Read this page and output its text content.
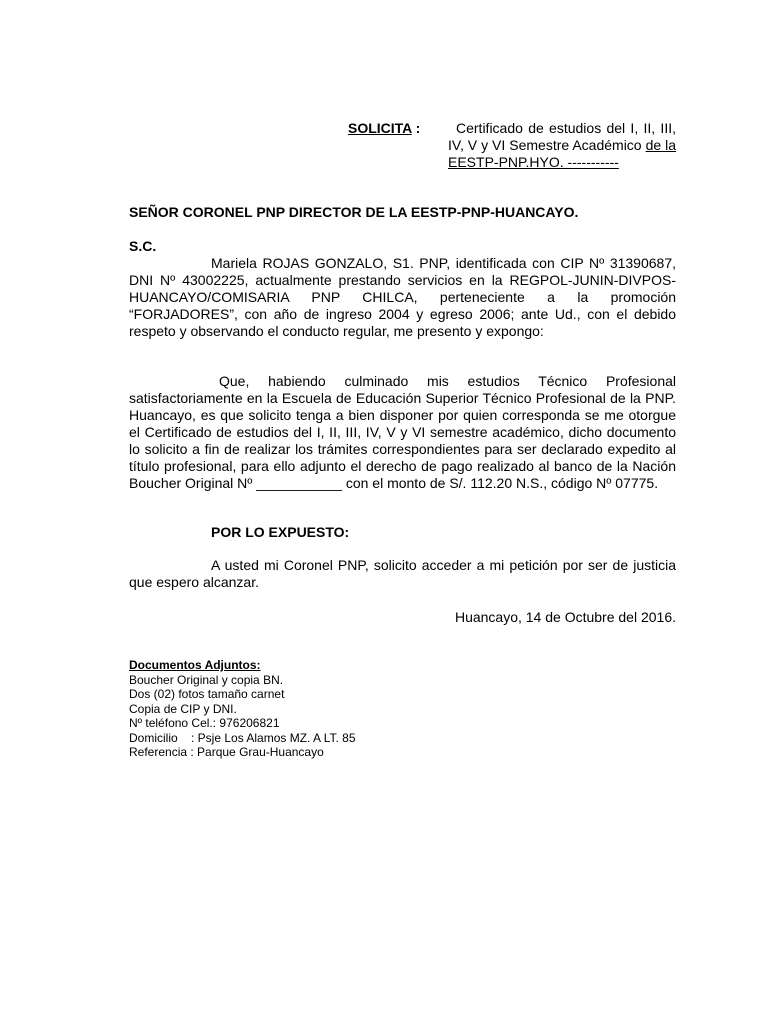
SOLICITA :	Certificado de estudios del I, II, III, IV, V y VI Semestre Académico de la EESTP-PNP.HYO. -----------
SEÑOR CORONEL PNP DIRECTOR DE LA EESTP-PNP-HUANCAYO.
S.C.
Mariela ROJAS GONZALO, S1. PNP, identificada con CIP Nº 31390687, DNI Nº 43002225, actualmente prestando servicios en la REGPOL-JUNIN-DIVPOS-HUANCAYO/COMISARIA PNP CHILCA, perteneciente a la promoción “FORJADORES”, con año de ingreso 2004 y egreso 2006; ante Ud., con el debido respeto y observando el conducto regular, me presento y expongo:
Que, habiendo culminado mis estudios Técnico Profesional satisfactoriamente en la Escuela de Educación Superior Técnico Profesional de la PNP. Huancayo, es que solicito tenga a bien disponer por quien corresponda se me otorgue el Certificado de estudios del I, II, III, IV, V y VI semestre académico, dicho documento lo solicito a fin de realizar los trámites correspondientes para ser declarado expedito al título profesional, para ello adjunto el derecho de pago realizado al banco de la Nación Boucher Original Nº ___________ con el monto de S/. 112.20 N.S., código Nº 07775.
POR LO EXPUESTO:
A usted mi Coronel PNP, solicito acceder a mi petición por ser de justicia que espero alcanzar.
Huancayo, 14 de Octubre del 2016.
Documentos Adjuntos:
Boucher Original y copia BN.
Dos (02) fotos tamaño carnet
Copia de CIP y DNI.
Nº teléfono Cel.: 976206821
Domicilio    : Psje Los Alamos MZ. A LT. 85
Referencia : Parque Grau-Huancayo
